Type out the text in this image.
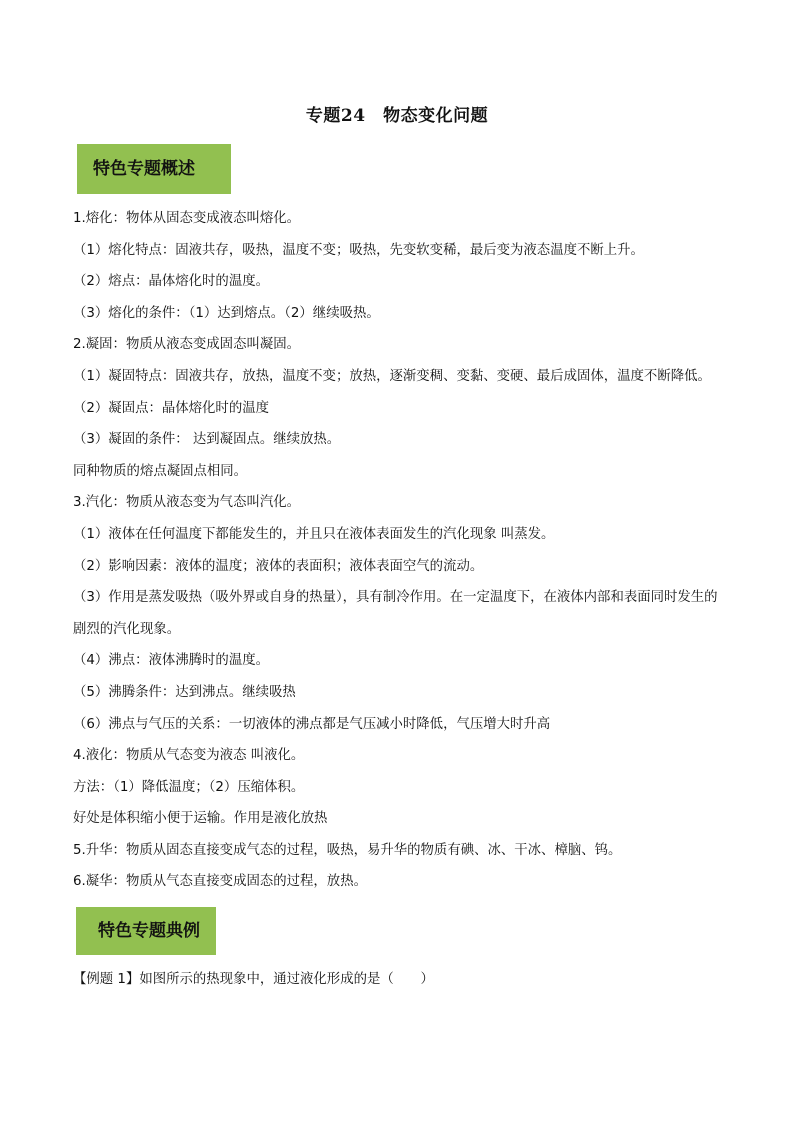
专题24　物态变化问题
特色专题概述
1.熔化：物体从固态变成液态叫熔化。
（1）熔化特点：固液共存，吸热，温度不变；吸热，先变软变稀，最后变为液态温度不断上升。
（2）熔点：晶体熔化时的温度。
（3）熔化的条件：（1）达到熔点。（2）继续吸热。
2.凝固：物质从液态变成固态叫凝固。
（1）凝固特点：固液共存，放热，温度不变；放热，逐渐变稠、变黏、变硬、最后成固体，温度不断降低。
（2）凝固点：晶体熔化时的温度
（3）凝固的条件： 达到凝固点。继续放热。
同种物质的熔点凝固点相同。
3.汽化：物质从液态变为气态叫汽化。
（1）液体在任何温度下都能发生的，并且只在液体表面发生的汽化现象 叫蒸发。
（2）影响因素：液体的温度；液体的表面积；液体表面空气的流动。
（3）作用是蒸发吸热（吸外界或自身的热量），具有制冷作用。在一定温度下，在液体内部和表面同时发生的剧烈的汽化现象。
（4）沸点：液体沸腾时的温度。
（5）沸腾条件：达到沸点。继续吸热
（6）沸点与气压的关系：一切液体的沸点都是气压减小时降低，气压增大时升高
4.液化：物质从气态变为液态 叫液化。
方法：（1）降低温度；（2）压缩体积。
好处是体积缩小便于运输。作用是液化放热
5.升华：物质从固态直接变成气态的过程，吸热，易升华的物质有碘、冰、干冰、樟脑、钨。
6.凝华：物质从气态直接变成固态的过程，放热。
特色专题典例
【例题 1】如图所示的热现象中，通过液化形成的是（　　）
